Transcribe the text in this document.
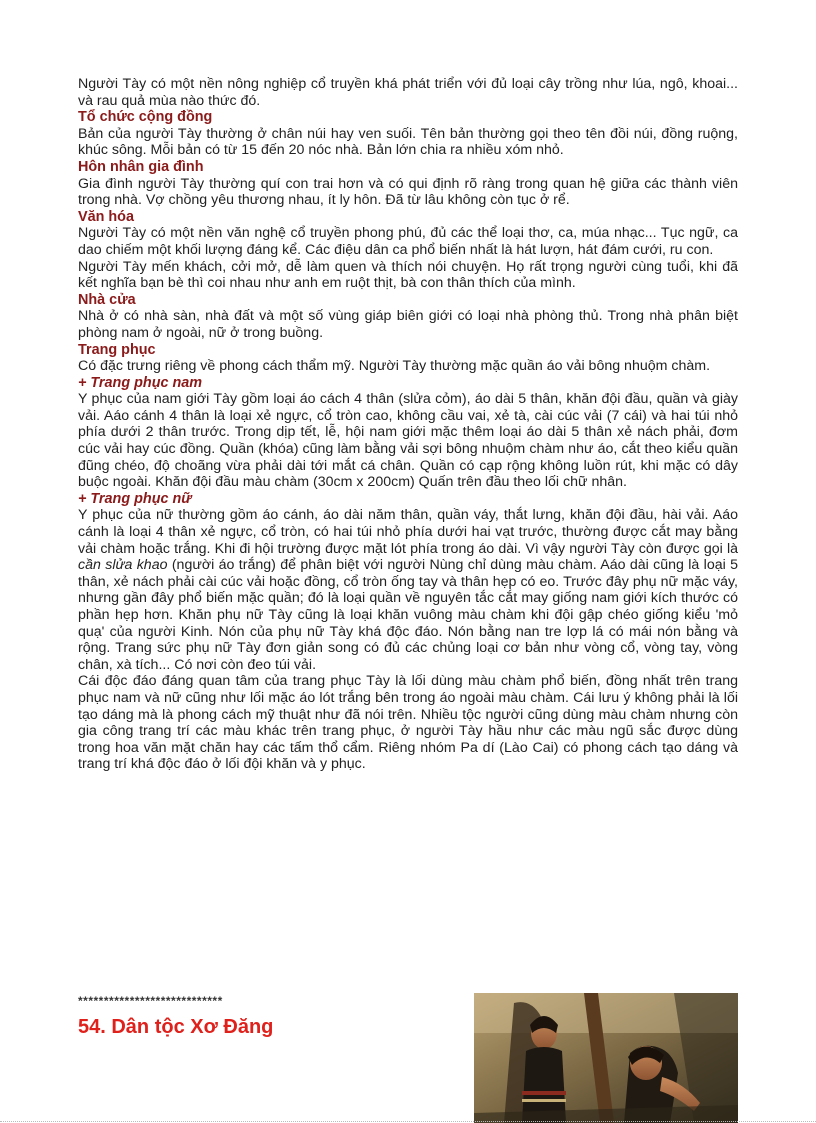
Người Tày có một nền nông nghiệp cổ truyền khá phát triển với đủ loại cây trồng như lúa, ngô, khoai... và rau quả mùa nào thức đó.

Tổ chức cộng đồng

Bản của người Tày thường ở chân núi hay ven suối. Tên bản thường gọi theo tên đồi núi, đồng ruộng, khúc sông. Mỗi bản có từ 15 đến 20 nóc nhà. Bản lớn chia ra nhiều xóm nhỏ.

Hôn nhân gia đình

Gia đình người Tày thường quí con trai hơn và có qui định rõ ràng trong quan hệ giữa các thành viên trong nhà. Vợ chồng yêu thương nhau, ít ly hôn. Đã từ lâu không còn tục ở rể.

Văn hóa

Người Tày có một nền văn nghệ cổ truyền phong phú, đủ các thể loại thơ, ca, múa nhạc... Tục ngữ, ca dao chiếm một khối lượng đáng kể. Các điệu dân ca phổ biến nhất là hát lượn, hát đám cưới, ru con.

Người Tày mến khách, cởi mở, dễ làm quen và thích nói chuyện. Họ rất trọng người cùng tuổi, khi đã kết nghĩa bạn bè thì coi nhau như anh em ruột thịt, bà con thân thích của mình.

Nhà cửa

Nhà ở có nhà sàn, nhà đất và một số vùng giáp biên giới có loại nhà phòng thủ. Trong nhà phân biệt phòng nam ở ngoài, nữ ở trong buồng.

Trang phục

Có đặc trưng riêng về phong cách thẩm mỹ. Người Tày thường mặc quần áo vải bông nhuộm chàm.

+ Trang phục nam

Y phục của nam giới Tày gồm loại áo cách 4 thân (slửa cỏm), áo dài 5 thân, khăn đội đầu, quần và giày vải. Aáo cánh 4 thân là loại xẻ ngực, cổ tròn cao, không cầu vai, xẻ tà, cài cúc vải (7 cái) và hai túi nhỏ phía dưới 2 thân trước. Trong dịp tết, lễ, hội nam giới mặc thêm loại áo dài 5 thân xẻ nách phải, đơm cúc vải hay cúc đồng. Quần (khóa) cũng làm bằng vải sợi bông nhuộm chàm như áo, cắt theo kiểu quần đũng chéo, độ choãng vừa phải dài tới mắt cá chân. Quần có cạp rộng không luồn rút, khi mặc có dây buộc ngoài. Khăn đội đầu màu chàm (30cm x 200cm) Quấn trên đầu theo lối chữ nhân.

+ Trang phục nữ

Y phục của nữ thường gồm áo cánh, áo dài năm thân, quần váy, thắt lưng, khăn đội đầu, hài vải. Aáo cánh là loại 4 thân xẻ ngực, cổ tròn, có hai túi nhỏ phía dưới hai vạt trước, thường được cắt may bằng vải chàm hoặc trắng. Khi đi hội trường được mặt lót phía trong áo dài. Vì vậy người Tày còn được gọi là cần slửa khao (người áo trắng) để phân biệt với người Nùng chỉ dùng màu chàm. Aáo dài cũng là loại 5 thân, xẻ nách phải cài cúc vải hoặc đồng, cổ tròn ống tay và thân hẹp có eo. Trước đây phụ nữ mặc váy, nhưng gần đây phổ biến mặc quần; đó là loại quần về nguyên tắc cắt may giống nam giới kích thước có phần hẹp hơn. Khăn phụ nữ Tày cũng là loại khăn vuông màu chàm khi đội gập chéo giống kiểu 'mỏ quạ' của người Kinh. Nón của phụ nữ Tày khá độc đáo. Nón bằng nan tre lợp lá có mái nón bằng và rộng. Trang sức phụ nữ Tày đơn giản song có đủ các chủng loại cơ bản như vòng cổ, vòng tay, vòng chân, xà tích... Có nơi còn đeo túi vải.

Cái độc đáo đáng quan tâm của trang phục Tày là lối dùng màu chàm phổ biến, đồng nhất trên trang phục nam và nữ cũng như lối mặc áo lót trắng bên trong áo ngoài màu chàm. Cái lưu ý không phải là lối tạo dáng mà là phong cách mỹ thuật như đã nói trên. Nhiều tộc người cũng dùng màu chàm nhưng còn gia công trang trí các màu khác trên trang phục, ở người Tày hầu như các màu ngũ sắc được dùng trong hoa văn mặt chăn hay các tấm thổ cẩm. Riêng nhóm Pa dí (Lào Cai) có phong cách tạo dáng và trang trí khá độc đáo ở lối đội khăn và y phục.

****************************
54. Dân tộc Xơ Đăng
